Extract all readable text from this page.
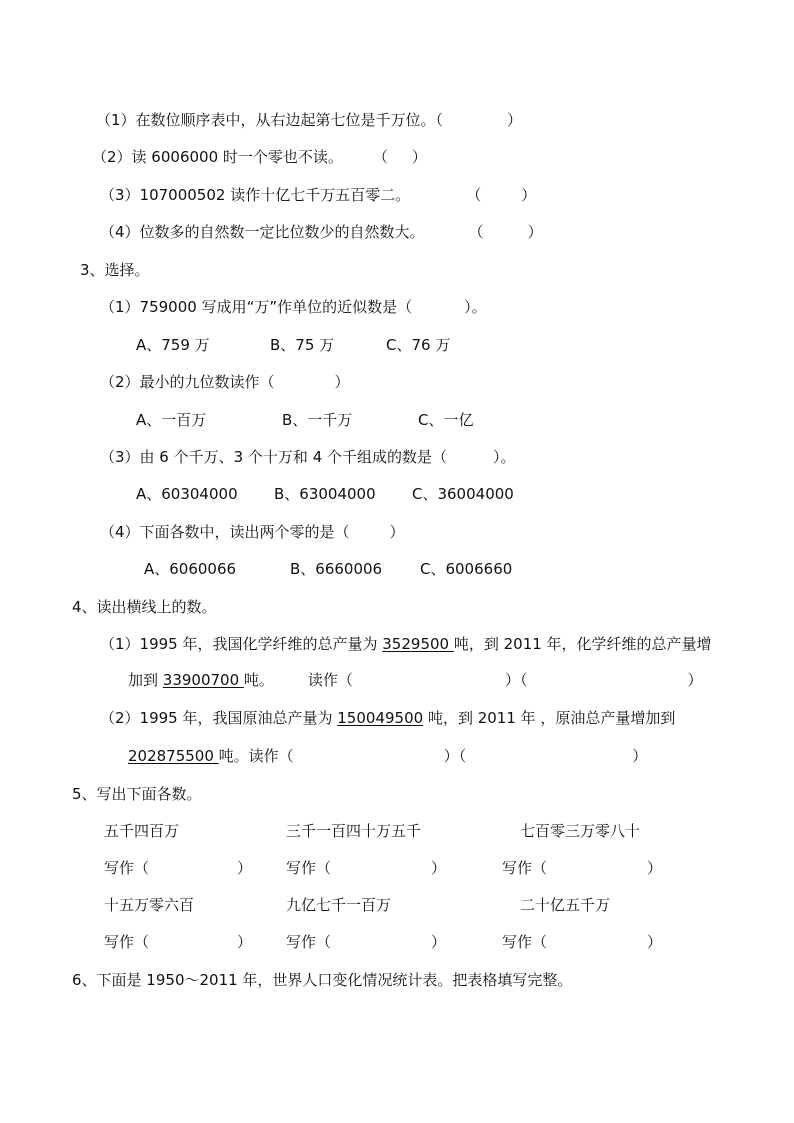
（1）在数位顺序表中，从右边起第七位是千万位。（	）
（2）读 6006000 时一个零也不读。 （ ）
（3）107000502 读作十亿七千万五百零二。	（	）
（4）位数多的自然数一定比位数少的自然数大。	（	）
3、选择。
（1）759000 写成用“万”作单位的近似数是（	）。
A、759 万	B、75 万	C、76 万
（2）最小的九位数读作（	）
A、一百万	B、一千万	C、一亿
（3）由 6 个千万、3 个十万和 4 个千组成的数是（	）。
A、60304000 B、63004000 C、36004000
（4）下面各数中，读出两个零的是（	）
A、6060066	B、6660006	C、6006660
4、读出横线上的数。
（1）1995 年，我国化学纤维的总产量为 3529500 吨，到 2011 年，化学纤维的总产量增
加到 33900700 吨。 读作（	）（	）
（2）1995 年，我国原油总产量为 150049500 吨，到 2011 年 ，原油总产量增加到
202875500 吨。读作（	）（	）
5、写出下面各数。
五千四百万	三千一百四十万五千	七百零三万零八十
写作（	） 写作（	）	写作（	）
十五万零六百	九亿七千一百万	二十亿五千万
写作（	） 写作（	）	写作（	）
6、下面是 1950～2011 年，世界人口变化情况统计表。把表格填写完整。
